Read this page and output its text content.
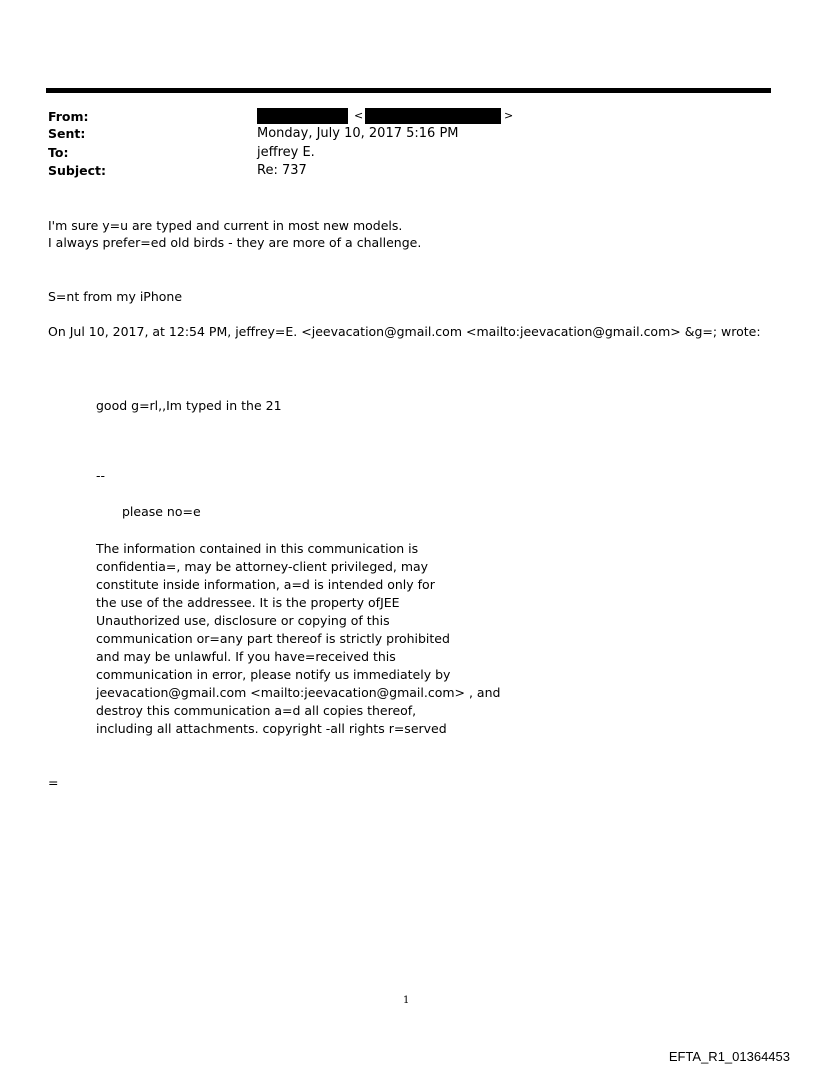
From:	<	>
Sent:	Monday, July 10, 2017 5:16 PM
To:	jeffrey E.
Subject:	Re: 737
I'm sure y=u are typed and current in most new models.
I always prefer=ed old birds - they are more of a challenge.
S=nt from my iPhone
On Jul 10, 2017, at 12:54 PM, jeffrey=E. <jeevacation@gmail.com <mailto:jeevacation@gmail.com> &g=; wrote:
good g=rl,,Im typed in the 21
--
please no=e
The information contained in this communication is
confidentia=, may be attorney-client privileged, may
constitute inside information, a=d is intended only for
the use of the addressee. It is the property ofJEE
Unauthorized use, disclosure or copying of this
communication or=any part thereof is strictly prohibited
and may be unlawful. If you have=received this
communication in error, please notify us immediately by
jeevacation@gmail.com <mailto:jeevacation@gmail.com> , and
destroy this communication a=d all copies thereof,
including all attachments. copyright -all rights r=served
=
1
EFTA_R1_01364453
